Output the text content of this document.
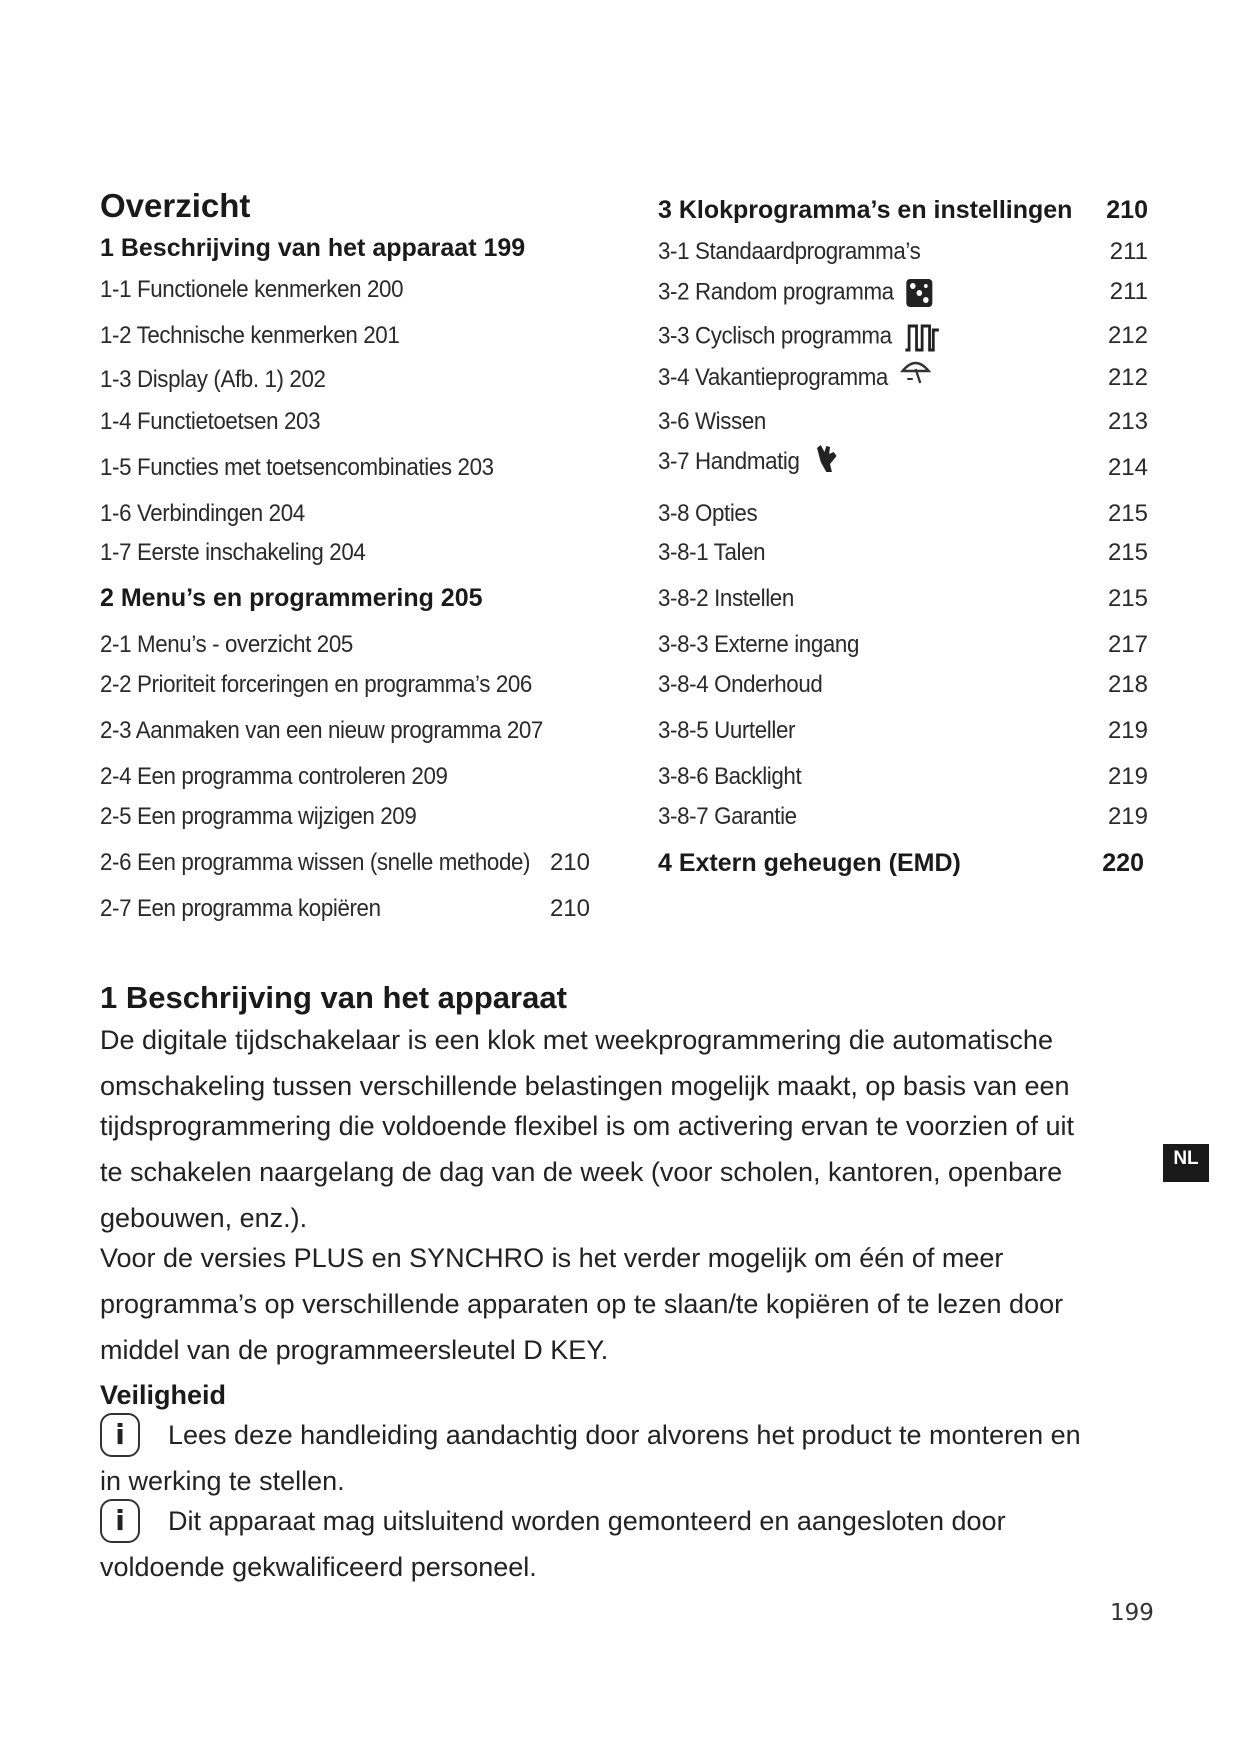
Overzicht
1 Beschrijving van het apparaat 199
1-1 Functionele kenmerken 200
1-2 Technische kenmerken 201
1-3 Display (Afb. 1) 202
1-4 Functietoetsen 203
1-5 Functies met toetsencombinaties 203
1-6 Verbindingen 204
1-7 Eerste inschakeling 204
2 Menu’s en programmering 205
2-1 Menu’s - overzicht 205
2-2 Prioriteit forceringen en programma’s 206
2-3 Aanmaken van een nieuw programma 207
2-4 Een programma controleren 209
2-5 Een programma wijzigen 209
2-6 Een programma wissen (snelle methode) 210
2-7 Een programma kopiëren	210
3 Klokprogramma’s en instellingen	210
3-1 Standaardprogramma’s	211
3-2 Random programma	211
3-3 Cyclisch programma	212
3-4 Vakantieprogramma	212
3-6 Wissen	213
3-7 Handmatig	214
3-8 Opties	215
3-8-1 Talen	215
3-8-2 Instellen	215
3-8-3 Externe ingang	217
3-8-4 Onderhoud	218
3-8-5 Uurteller	219
3-8-6 Backlight	219
3-8-7 Garantie	219
4 Extern geheugen (EMD)	220
1 Beschrijving van het apparaat
De digitale tijdschakelaar is een klok met weekprogrammering die automatische
omschakeling tussen verschillende belastingen mogelijk maakt, op basis van een
tijdsprogrammering die voldoende flexibel is om activering ervan te voorzien of uit
te schakelen naargelang de dag van de week (voor scholen, kantoren, openbare
gebouwen, enz.).
Voor de versies PLUS en SYNCHRO is het verder mogelijk om één of meer
programma’s op verschillende apparaten op te slaan/te kopiëren of te lezen door
middel van de programmeersleutel D KEY.
Veiligheid
i	Lees deze handleiding aandachtig door alvorens het product te monteren en
in werking te stellen.
i	Dit apparaat mag uitsluitend worden gemonteerd en aangesloten door
voldoende gekwalificeerd personeel.
NL
199
